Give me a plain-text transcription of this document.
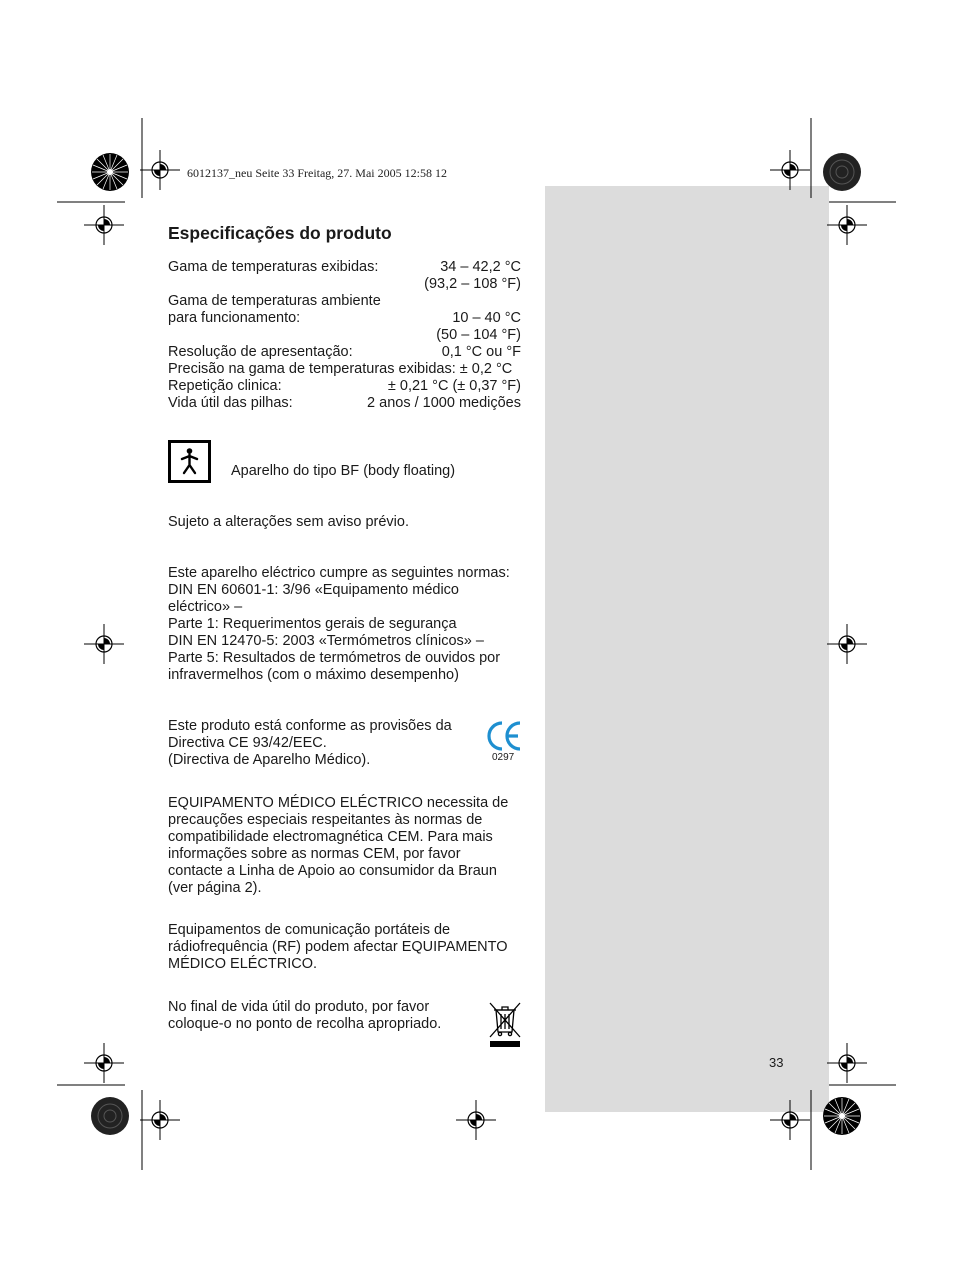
6012137_neu Seite 33 Freitag, 27. Mai 2005 12:58 12
Especificações do produto
Gama de temperaturas exibidas:	34 – 42,2 °C
(93,2 – 108 °F)
Gama de temperaturas ambiente
para funcionamento:	10 – 40 °C
(50 – 104 °F)
Resolução de apresentação:	0,1 °C ou °F
Precisão na gama de temperaturas exibidas: ± 0,2 °C
Repetição clinica:	± 0,21 °C (± 0,37 °F)
Vida útil das pilhas:	2 anos / 1000 medições
Aparelho do tipo BF (body floating)
Sujeto a alterações sem aviso prévio.
Este aparelho eléctrico cumpre as seguintes normas:
DIN EN 60601-1: 3/96 «Equipamento médico
eléctrico» –
Parte 1: Requerimentos gerais de segurança
DIN EN 12470-5: 2003 «Termómetros clínicos» –
Parte 5: Resultados de termómetros de ouvidos por
infravermelhos (com o máximo desempenho)
Este produto está conforme as provisões da
Directiva CE 93/42/EEC.
(Directiva de Aparelho Médico).	0297
EQUIPAMENTO MÉDICO ELÉCTRICO necessita de
precauções especiais respeitantes às normas de
compatibilidade electromagnética CEM. Para mais
informações sobre as normas CEM, por favor
contacte a Linha de Apoio ao consumidor da Braun
(ver página 2).
Equipamentos de comunicação portáteis de
rádiofrequência (RF) podem afectar EQUIPAMENTO
MÉDICO ELÉCTRICO.
No final de vida útil do produto, por favor
coloque-o no ponto de recolha apropriado.
33
